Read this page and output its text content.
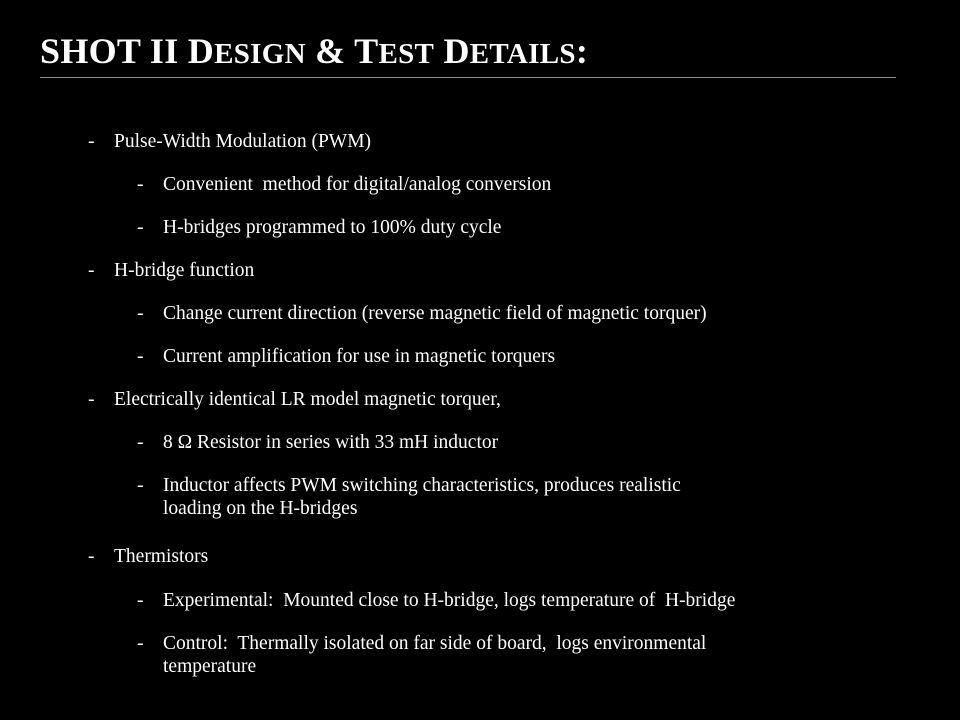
SHOT II DESIGN & TEST DETAILS:
- Pulse-Width Modulation (PWM)
- Convenient  method for digital/analog conversion
- H-bridges programmed to 100% duty cycle
- H-bridge function
- Change current direction (reverse magnetic field of magnetic torquer)
- Current amplification for use in magnetic torquers
- Electrically identical LR model magnetic torquer,
- 8 Ω Resistor in series with 33 mH inductor
- Inductor affects PWM switching characteristics, produces realistic
loading on the H-bridges
- Thermistors
- Experimental:  Mounted close to H-bridge, logs temperature of  H-bridge
- Control:  Thermally isolated on far side of board,  logs environmental
temperature
